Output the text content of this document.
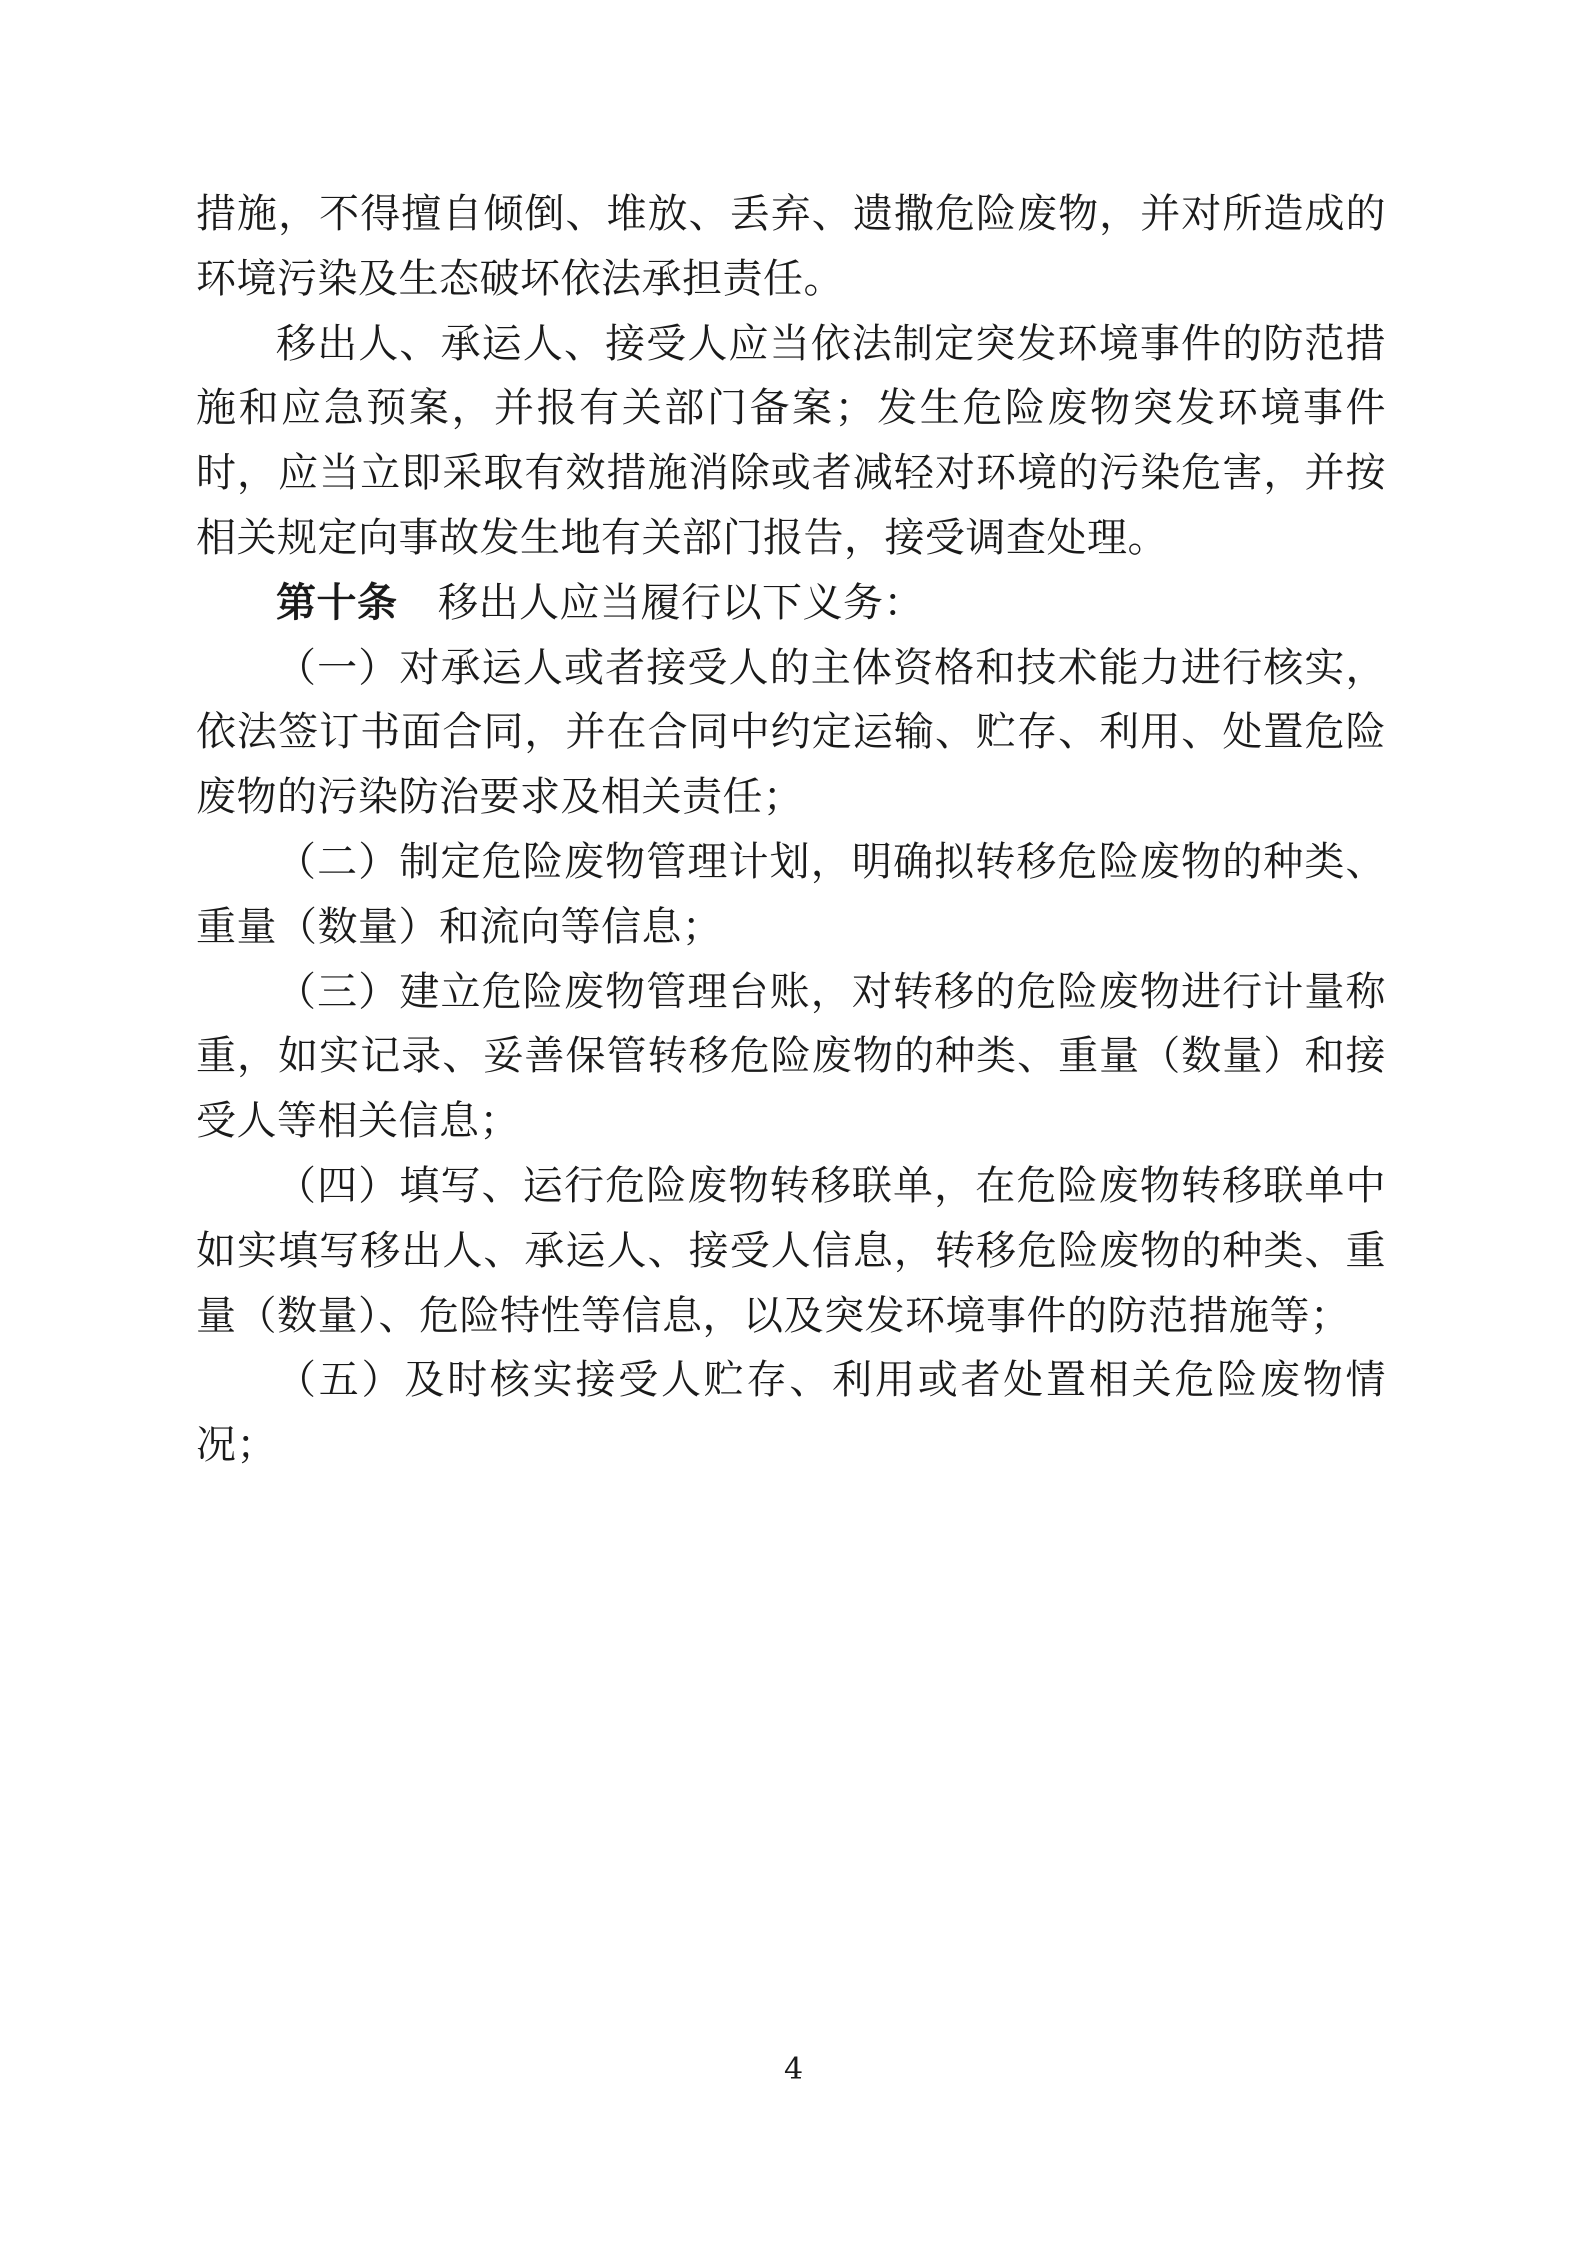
措施，不得擅自倾倒、堆放、丢弃、遗撒危险废物，并对所造成的环境污染及生态破坏依法承担责任。

移出人、承运人、接受人应当依法制定突发环境事件的防范措施和应急预案，并报有关部门备案；发生危险废物突发环境事件时，应当立即采取有效措施消除或者减轻对环境的污染危害，并按相关规定向事故发生地有关部门报告，接受调查处理。

第十条　移出人应当履行以下义务：

（一）对承运人或者接受人的主体资格和技术能力进行核实，依法签订书面合同，并在合同中约定运输、贮存、利用、处置危险废物的污染防治要求及相关责任；

（二）制定危险废物管理计划，明确拟转移危险废物的种类、重量（数量）和流向等信息；

（三）建立危险废物管理台账，对转移的危险废物进行计量称重，如实记录、妥善保管转移危险废物的种类、重量（数量）和接受人等相关信息；

（四）填写、运行危险废物转移联单，在危险废物转移联单中如实填写移出人、承运人、接受人信息，转移危险废物的种类、重量（数量）、危险特性等信息，以及突发环境事件的防范措施等；

（五）及时核实接受人贮存、利用或者处置相关危险废物情况；

4
